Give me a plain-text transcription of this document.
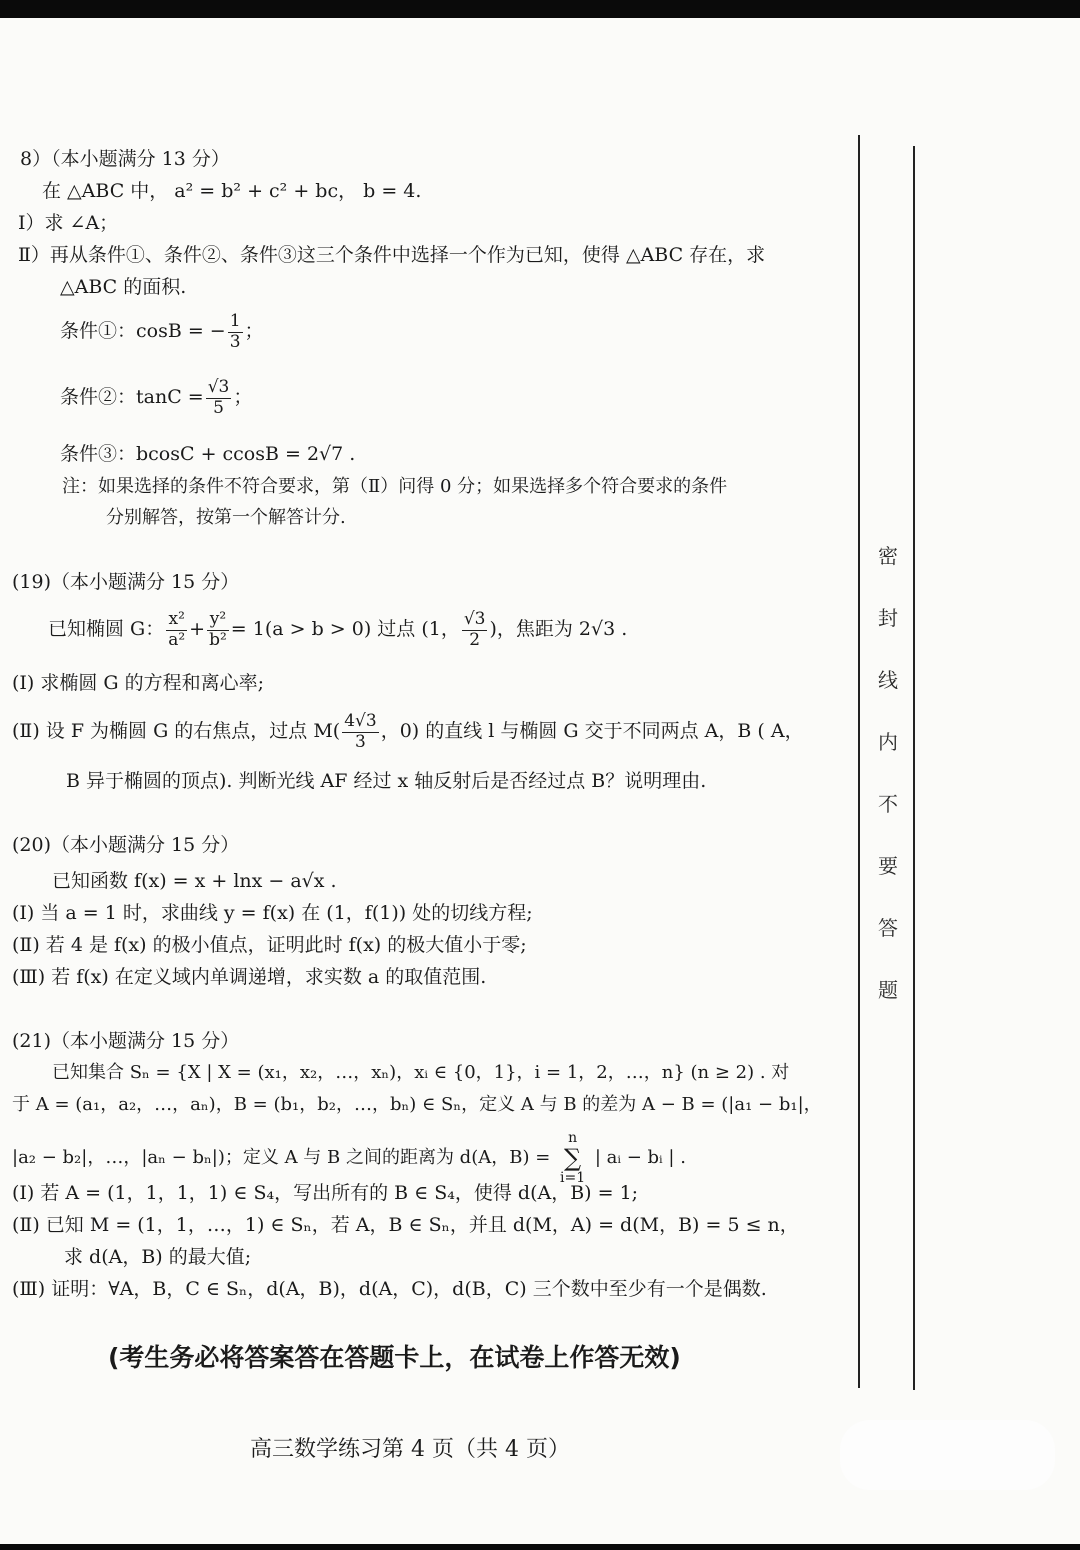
密
封
线
内
不
要
答
题
8）（本小题满分 13 分）
在 △ABC 中， a² = b² + c² + bc， b = 4.
Ⅰ）求 ∠A；
Ⅱ）再从条件①、条件②、条件③这三个条件中选择一个作为已知，使得 △ABC 存在，求
△ABC 的面积.
条件①：cosB = − $\frac{1}{3}$ ；
条件②：$\tan C = \frac{√3}{5}$ ；
条件③：bcosC + ccosB = 2√7 .
注：如果选择的条件不符合要求，第（Ⅱ）问得 0 分；如果选择多个符合要求的条件
分别解答，按第一个解答计分.
(19)（本小题满分 15 分）
已知椭圆 G： $\frac{\text{x²}}{\text{a²}} + \frac{\text{y²}}{\text{b²}} = 1(a > b > 0)$ 过点 (1， $\frac{√3}{2}$ )，焦距为 2√3 .
(Ⅰ) 求椭圆 G 的方程和离心率;
(Ⅱ) 设 F 为椭圆 G 的右焦点，过点 $M( \frac{4√3}{3}$ ，0) 的直线 l 与椭圆 G 交于不同两点 A，B ( A，
B 异于椭圆的顶点). 判断光线 AF 经过 x 轴反射后是否经过点 B？说明理由.
(20)（本小题满分 15 分）
已知函数 f(x) = x + lnx − a√x .
(Ⅰ) 当 a = 1 时，求曲线 y = f(x) 在 (1，f(1)) 处的切线方程;
(Ⅱ) 若 4 是 f(x) 的极小值点，证明此时 f(x) 的极大值小于零;
(Ⅲ) 若 f(x) 在定义域内单调递增，求实数 a 的取值范围.
(21)（本小题满分 15 分）
已知集合 Sₙ = {X | X = (x₁，x₂，…，xₙ)，xᵢ ∈ {0，1}，i = 1，2，…，n} (n ≥ 2) . 对
于 A = (a₁，a₂，…，aₙ)，B = (b₁，b₂，…，bₙ) ∈ Sₙ，定义 A 与 B 的差为 A − B = (|a₁ − b₁|，
|a₂ − b₂|，…，|aₙ − bₙ|)；定义 A 与 B 之间的距离为 d(A，B) =
n
∑
i=1
| aᵢ − bᵢ | .
(Ⅰ) 若 A = (1，1，1，1) ∈ S₄，写出所有的 B ∈ S₄，使得 d(A，B) = 1;
(Ⅱ) 已知 M = (1，1，…，1) ∈ Sₙ，若 A，B ∈ Sₙ，并且 d(M，A) = d(M，B) = 5 ≤ n，
求 d(A，B) 的最大值;
(Ⅲ) 证明：∀A，B，C ∈ Sₙ，d(A，B)，d(A，C)，d(B，C) 三个数中至少有一个是偶数.
(考生务必将答案答在答题卡上，在试卷上作答无效)
高三数学练习第 4 页（共 4 页）
